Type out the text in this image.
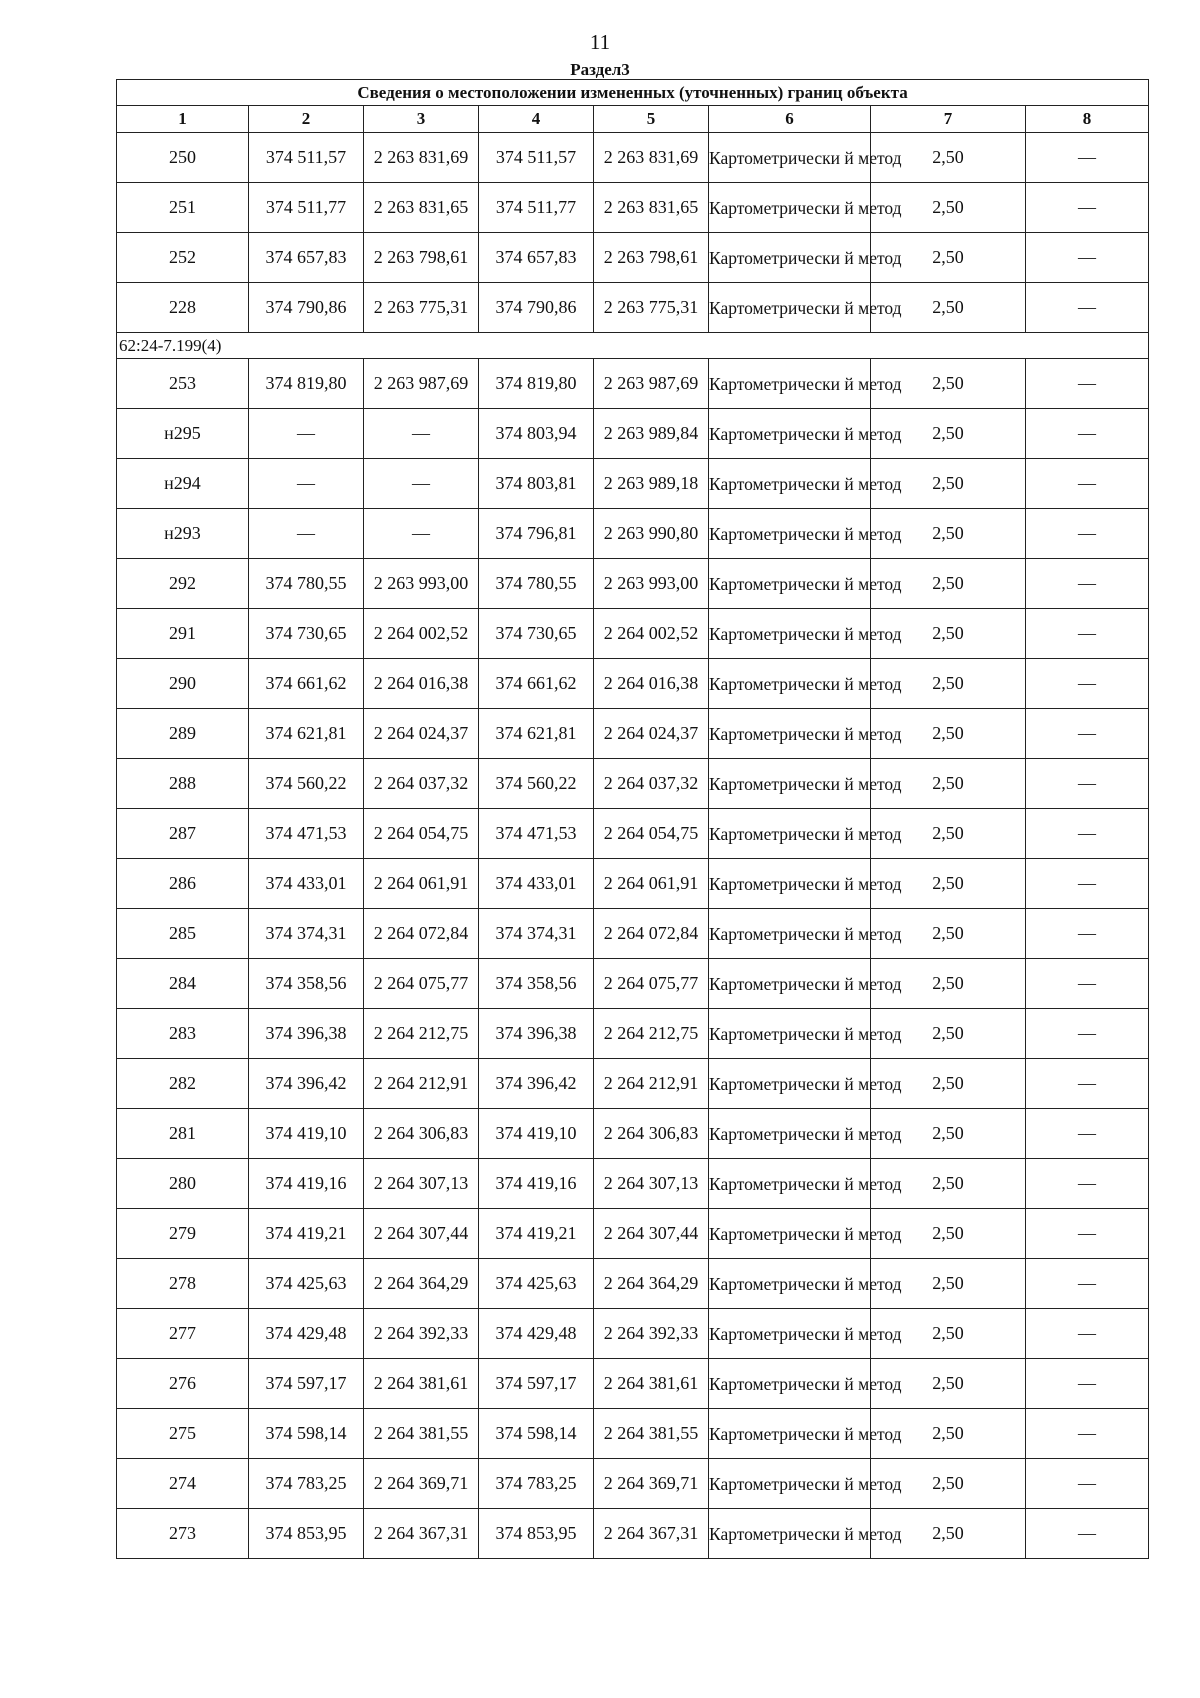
11
Раздел3
Сведения о местоположении измененных (уточненных) границ объекта							
1	2	3	4	5	6	7	8
250	374 511,57	2 263 831,69	374 511,57	2 263 831,69	Картометрически й метод	2,50	—
251	374 511,77	2 263 831,65	374 511,77	2 263 831,65	Картометрически й метод	2,50	—
252	374 657,83	2 263 798,61	374 657,83	2 263 798,61	Картометрически й метод	2,50	—
228	374 790,86	2 263 775,31	374 790,86	2 263 775,31	Картометрически й метод	2,50	—
62:24-7.199(4)							
253	374 819,80	2 263 987,69	374 819,80	2 263 987,69	Картометрически й метод	2,50	—
н295	—	—	374 803,94	2 263 989,84	Картометрически й метод	2,50	—
н294	—	—	374 803,81	2 263 989,18	Картометрически й метод	2,50	—
н293	—	—	374 796,81	2 263 990,80	Картометрически й метод	2,50	—
292	374 780,55	2 263 993,00	374 780,55	2 263 993,00	Картометрически й метод	2,50	—
291	374 730,65	2 264 002,52	374 730,65	2 264 002,52	Картометрически й метод	2,50	—
290	374 661,62	2 264 016,38	374 661,62	2 264 016,38	Картометрически й метод	2,50	—
289	374 621,81	2 264 024,37	374 621,81	2 264 024,37	Картометрически й метод	2,50	—
288	374 560,22	2 264 037,32	374 560,22	2 264 037,32	Картометрически й метод	2,50	—
287	374 471,53	2 264 054,75	374 471,53	2 264 054,75	Картометрически й метод	2,50	—
286	374 433,01	2 264 061,91	374 433,01	2 264 061,91	Картометрически й метод	2,50	—
285	374 374,31	2 264 072,84	374 374,31	2 264 072,84	Картометрически й метод	2,50	—
284	374 358,56	2 264 075,77	374 358,56	2 264 075,77	Картометрически й метод	2,50	—
283	374 396,38	2 264 212,75	374 396,38	2 264 212,75	Картометрически й метод	2,50	—
282	374 396,42	2 264 212,91	374 396,42	2 264 212,91	Картометрически й метод	2,50	—
281	374 419,10	2 264 306,83	374 419,10	2 264 306,83	Картометрически й метод	2,50	—
280	374 419,16	2 264 307,13	374 419,16	2 264 307,13	Картометрически й метод	2,50	—
279	374 419,21	2 264 307,44	374 419,21	2 264 307,44	Картометрически й метод	2,50	—
278	374 425,63	2 264 364,29	374 425,63	2 264 364,29	Картометрически й метод	2,50	—
277	374 429,48	2 264 392,33	374 429,48	2 264 392,33	Картометрически й метод	2,50	—
276	374 597,17	2 264 381,61	374 597,17	2 264 381,61	Картометрически й метод	2,50	—
275	374 598,14	2 264 381,55	374 598,14	2 264 381,55	Картометрически й метод	2,50	—
274	374 783,25	2 264 369,71	374 783,25	2 264 369,71	Картометрически й метод	2,50	—
273	374 853,95	2 264 367,31	374 853,95	2 264 367,31	Картометрически й метод	2,50	—
